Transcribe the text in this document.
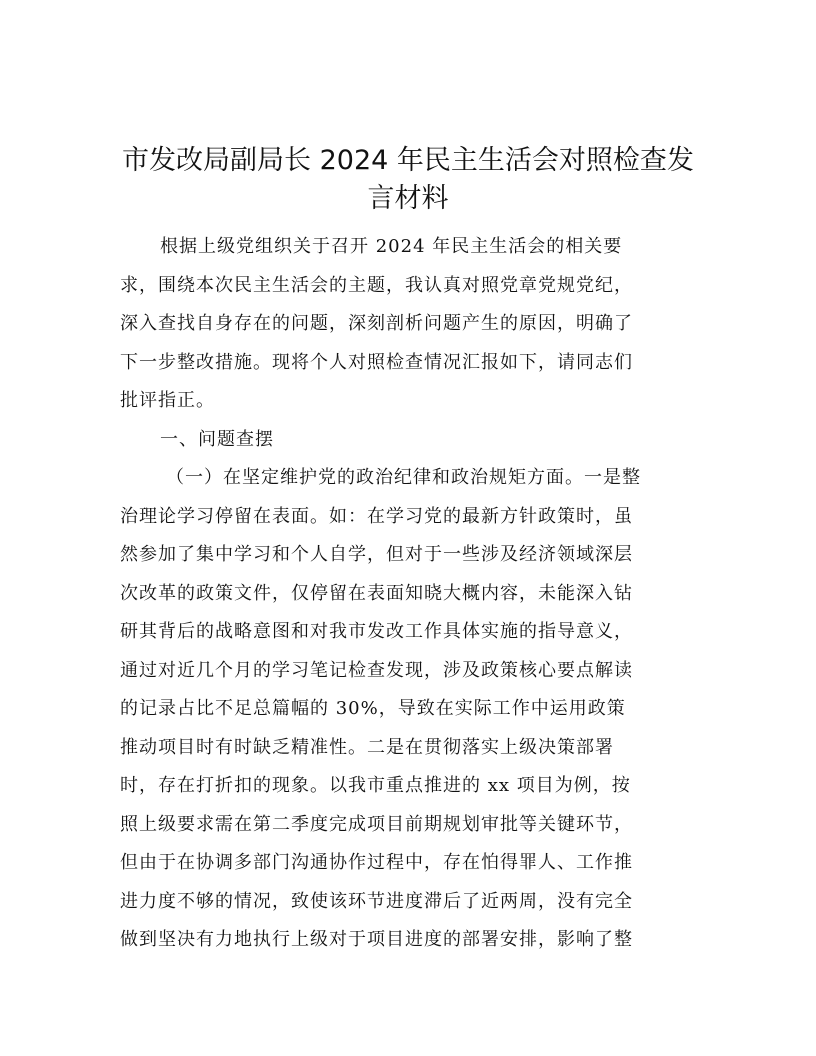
市发改局副局长 2024 年民主生活会对照检查发
言材料
根据上级党组织关于召开 2024 年民主生活会的相关要
求，围绕本次民主生活会的主题，我认真对照党章党规党纪，
深入查找自身存在的问题，深刻剖析问题产生的原因，明确了
下一步整改措施。现将个人对照检查情况汇报如下，请同志们
批评指正。
一、问题查摆
（一）在坚定维护党的政治纪律和政治规矩方面。一是整
治理论学习停留在表面。如：在学习党的最新方针政策时，虽
然参加了集中学习和个人自学，但对于一些涉及经济领域深层
次改革的政策文件，仅停留在表面知晓大概内容，未能深入钻
研其背后的战略意图和对我市发改工作具体实施的指导意义，
通过对近几个月的学习笔记检查发现，涉及政策核心要点解读
的记录占比不足总篇幅的 30%，导致在实际工作中运用政策
推动项目时有时缺乏精准性。二是在贯彻落实上级决策部署
时，存在打折扣的现象。以我市重点推进的 xx 项目为例，按
照上级要求需在第二季度完成项目前期规划审批等关键环节，
但由于在协调多部门沟通协作过程中，存在怕得罪人、工作推
进力度不够的情况，致使该环节进度滞后了近两周，没有完全
做到坚决有力地执行上级对于项目进度的部署安排，影响了整
